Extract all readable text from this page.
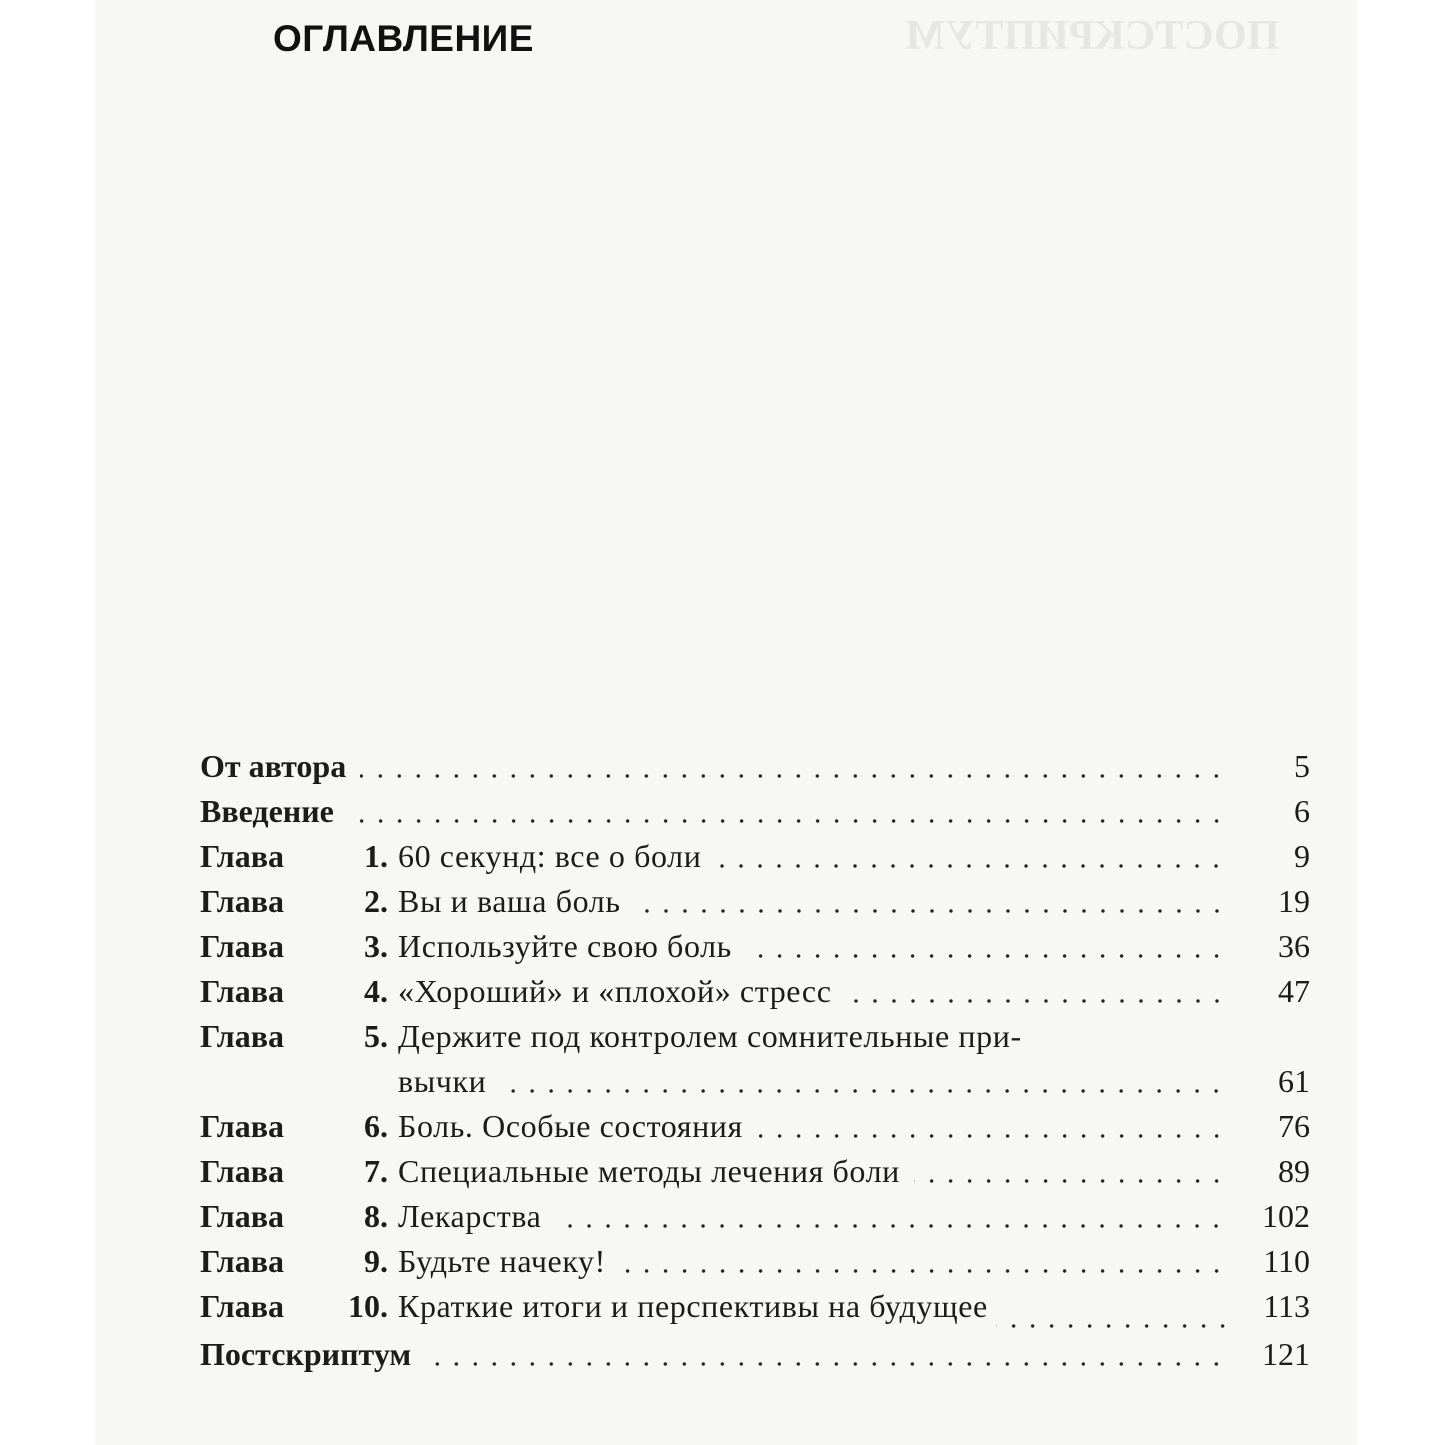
ПОСТСКРИПТУМ
ОГЛАВЛЕНИЕ
От автора	5
Введение	6
Глава	1. 60 секунд: все о боли	9
Глава	2. Вы и ваша боль	19
Глава	3. Используйте свою боль	36
Глава	4. «Хороший» и «плохой» стресс	47
Глава	5. Держите под контролем сомнительные при-
вычки	61
Глава	6. Боль. Особые состояния	76
Глава	7. Специальные методы лечения боли	89
Глава	8. Лекарства	102
Глава	9. Будьте начеку!	110
Глава	10. Краткие итоги и перспективы на будущее	113
Постскриптум	121
